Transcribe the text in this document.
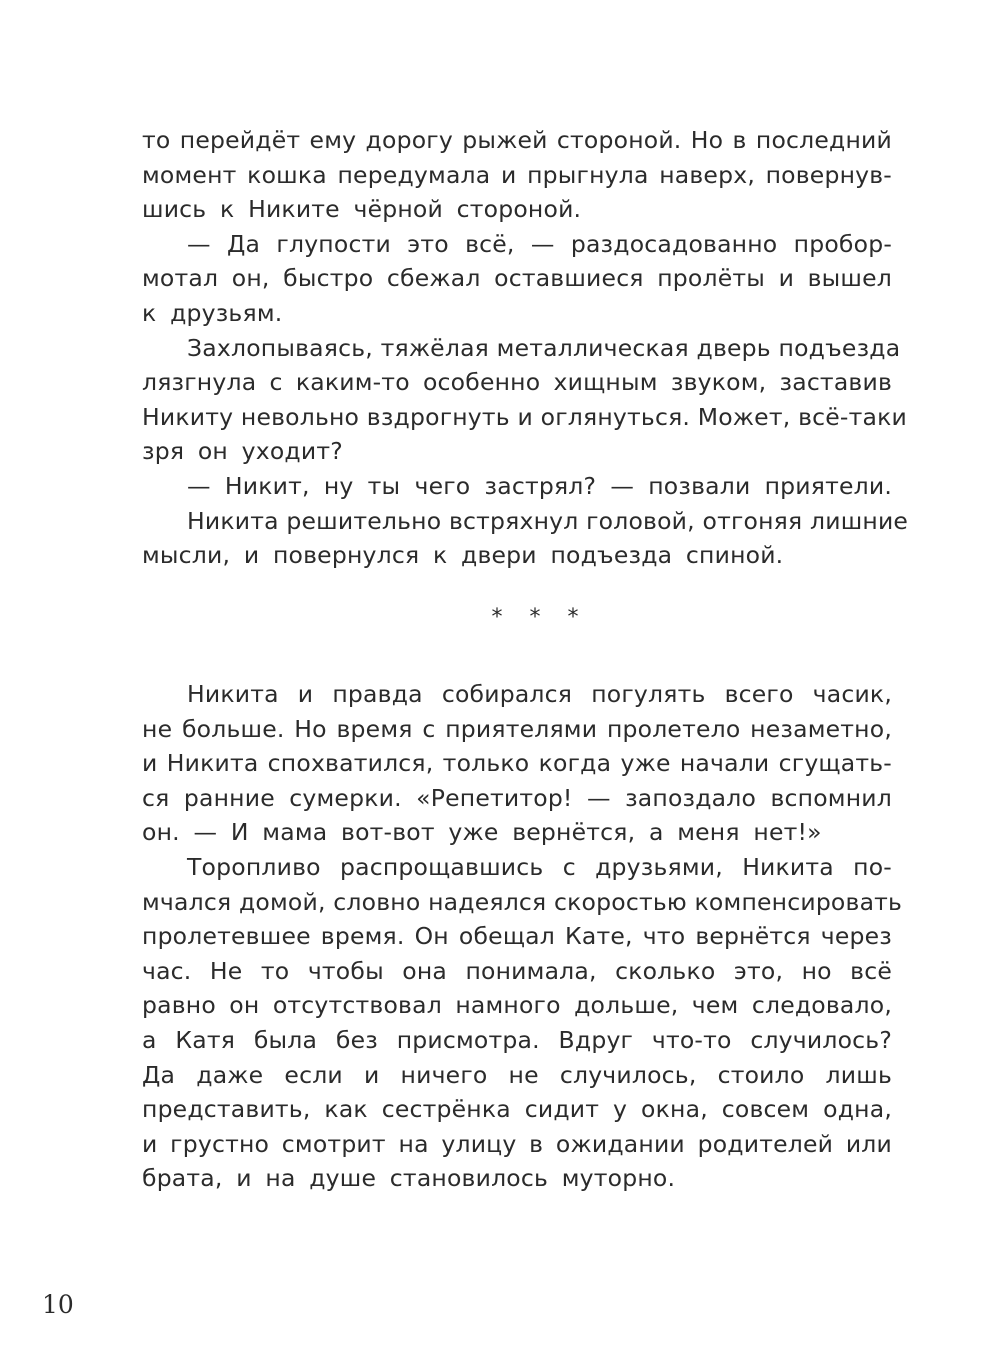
то перейдёт ему дорогу рыжей стороной. Но в последний
момент кошка передумала и прыгнула наверх, повернув-
шись к Никите чёрной стороной.
— Да глупости это всё, — раздосадованно пробор-
мотал он, быстро сбежал оставшиеся пролёты и вышел
к друзьям.
Захлопываясь, тяжёлая металлическая дверь подъезда
лязгнула с каким-то особенно хищным звуком, заставив
Никиту невольно вздрогнуть и оглянуться. Может, всё-таки
зря он уходит?
— Никит, ну ты чего застрял? — позвали приятели.
Никита решительно встряхнул головой, отгоняя лишние
мысли, и повернулся к двери подъезда спиной.
* * *
Никита и правда собирался погулять всего часик,
не больше. Но время с приятелями пролетело незаметно,
и Никита спохватился, только когда уже начали сгущать-
ся ранние сумерки. «Репетитор! — запоздало вспомнил
он. — И мама вот-вот уже вернётся, а меня нет!»
Торопливо распрощавшись с друзьями, Никита по-
мчался домой, словно надеялся скоростью компенсировать
пролетевшее время. Он обещал Кате, что вернётся через
час. Не то чтобы она понимала, сколько это, но всё
равно он отсутствовал намного дольше, чем следовало,
а Катя была без присмотра. Вдруг что-то случилось?
Да даже если и ничего не случилось, стоило лишь
представить, как сестрёнка сидит у окна, совсем одна,
и грустно смотрит на улицу в ожидании родителей или
брата, и на душе становилось муторно.
10
